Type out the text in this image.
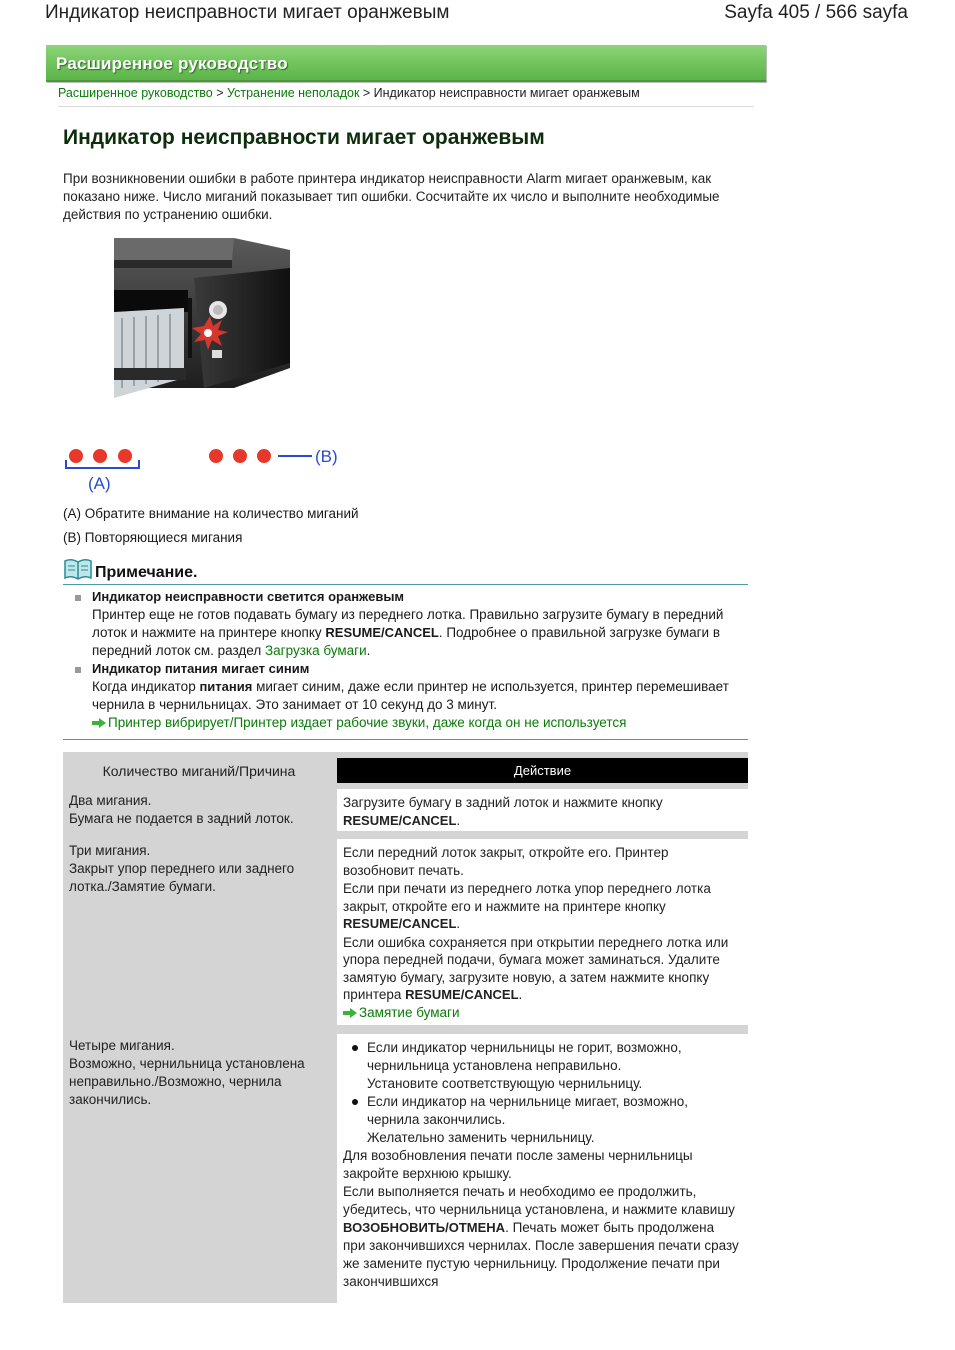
Индикатор неисправности мигает оранжевым	Sayfa 405 / 566 sayfa
Расширенное руководство
Расширенное руководство > Устранение неполадок > Индикатор неисправности мигает оранжевым
Индикатор неисправности мигает оранжевым

При возникновении ошибки в работе принтера индикатор неисправности Alarm мигает оранжевым, как показано ниже. Число миганий показывает тип ошибки. Сосчитайте их число и выполните необходимые действия по устранению ошибки.

(A)
(B)
(A) Обратите внимание на количество миганий
(B) Повторяющиеся мигания
Примечание.
Индикатор неисправности светится оранжевым
Принтер еще не готов подавать бумагу из переднего лотка. Правильно загрузите бумагу в передний лоток и нажмите на принтере кнопку RESUME/CANCEL. Подробнее о правильной загрузке бумаги в передний лоток см. раздел Загрузка бумаги.
Индикатор питания мигает синим
Когда индикатор питания мигает синим, даже если принтер не используется, принтер перемешивает чернила в чернильницах. Это занимает от 10 секунд до 3 минут.
Принтер вибрирует/Принтер издает рабочие звуки, даже когда он не используется
Количество миганий/Причина	Действие
Два мигания.
Бумага не подается в задний лоток.
Загрузите бумагу в задний лоток и нажмите кнопку
RESUME/CANCEL.
Три мигания.
Закрыт упор переднего или заднего лотка./Замятие бумаги.
Если передний лоток закрыт, откройте его. Принтер возобновит печать.
Если при печати из переднего лотка упор переднего лотка закрыт, откройте его и нажмите на принтере кнопку RESUME/CANCEL.
Если ошибка сохраняется при открытии переднего лотка или упора передней подачи, бумага может заминаться. Удалите замятую бумагу, загрузите новую, а затем нажмите кнопку принтера RESUME/CANCEL.
Замятие бумаги
Четыре мигания.
Возможно, чернильница установлена неправильно./Возможно, чернила закончились.
Если индикатор чернильницы не горит, возможно, чернильница установлена неправильно.
Установите соответствующую чернильницу.
Если индикатор на чернильнице мигает, возможно, чернила закончились.
Желательно заменить чернильницу.
Для возобновления печати после замены чернильницы закройте верхнюю крышку.
Если выполняется печать и необходимо ее продолжить, убедитесь, что чернильница установлена, и нажмите клавишу ВОЗОБНОВИТЬ/ОТМЕНА. Печать может быть продолжена при закончившихся чернилах. После завершения печати сразу же замените пустую чернильницу. Продолжение печати при закончившихся
